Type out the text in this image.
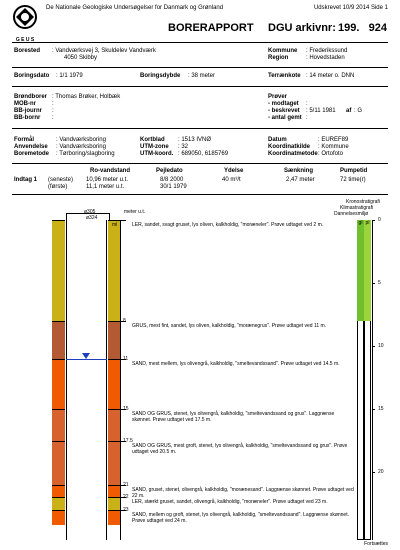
G E U S
De Nationale Geologiske Undersøgelser for Danmark og Grønland	Udskrevet 10/9 2014 Side 1
BORERAPPORT DGU arkivnr: 199.   924
Borested : Vandværksvej 3, Skuldelev Vandværk
4050 Skibby
Kommune : Frederikssund
Region	: Hovedstaden
Boringsdato : 1/1 1979	Boringsdybde : 38 meter	Terrænkote : 14 meter o. DNN
Brøndborer : Thomas Brøker, Holbæk
MOB-nr	:
BB-journr :
BB-bornr :
Prøver
- modtaget :
- beskrevet : 5/11 1981 af : G
- antal gemt :
Formål	: Vandværksboring
Anvendelse : Vandværksboring
Boremetode : Tørboring/slagboring
Kortblad : 1513 IVNØ
UTM-zone : 32
UTM-koord. : 689050, 6185769
Datum	: EUREF89
Koordinatkilde : Kommune
Koordinatmetode : Ortofoto
Ro-vandstand	Pejledato	Ydelse	Sænkning	Pumpetid
Indtag 1 (seneste) 10,96 meter u.t.	8/8 2000	40 m³/t	2,47 meter	72 time(r)
(første)	11,1 meter u.t.	30/1 1979
Kronostratigrafi
Klimastratigrafi
Dannelsesmiljø
ø305
ø324
meter u.t.
LER, sandet, svagt gruset, lys oliven, kalkholdig, "moræneler". Prøve udtaget ved 2 m.
ml	pl
gl
GRUS, mest fint, sandet, lys oliven, kalkholdig, "morænegrus". Prøve udtaget ved 11 m.
SAND, mest mellem, lys olivengrå, kalkholdig, "smeltevandssand". Prøve udtaget ved 14.5 m.
SAND OG GRUS, stenet, lys olivengrå, kalkholdig, "smeltevandssand og grus". Laggrænse skønnet. Prøve udtaget ved 17.5 m.
SAND OG GRUS, mest groft, stenet, lys olivengrå, kalkholdig, "smeltevandssand og grus". Prøve udtaget ved 20.5 m.
SAND, gruset, stenet, olivengrå, kalkholdig, "morænesand". Laggrænse skønnet. Prøve udtaget ved 22 m.
LER, stærkt gruset, sandet, olivengrå, kalkholdig, "moræneler". Prøve udtaget ved 23 m.
SAND, mellem og groft, stenet, lys olivengrå, kalkholdig, "smeltevandssand". Laggrænse skønnet. Prøve udtaget ved 24 m.
8
11
15
17.5
21
22
23
0
5
10
15
20
Fortsættes
